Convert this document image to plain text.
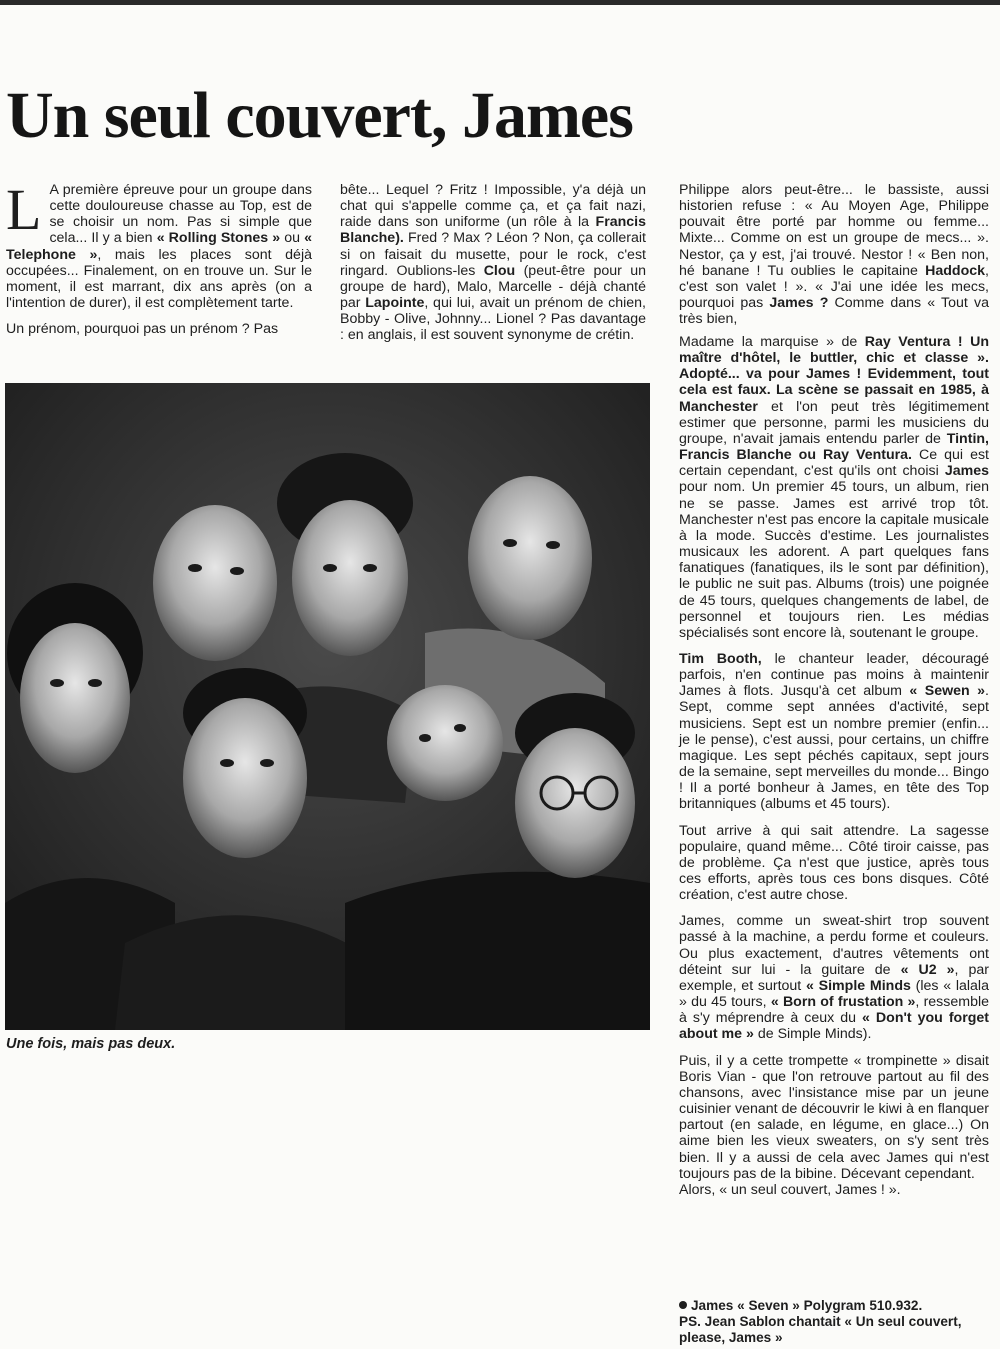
Un seul couvert, James

L A première épreuve pour un groupe dans cette douloureuse chasse au Top, est de se choisir un nom. Pas si simple que cela... Il y a bien « Rolling Stones » ou « Telephone », mais les places sont déjà occupées... Finalement, on en trouve un. Sur le moment, il est marrant, dix ans après (on a l'intention de durer), il est complètement tarte.

Un prénom, pourquoi pas un prénom ? Pas

bête... Lequel ? Fritz ! Impossible, y'a déjà un chat qui s'appelle comme ça, et ça fait nazi, raide dans son uniforme (un rôle à la Francis Blanche). Fred ? Max ? Léon ? Non, ça collerait si on faisait du musette, pour le rock, c'est ringard. Oublions-les Clou (peut-être pour un groupe de hard), Malo, Marcelle - déjà chanté par Lapointe, qui lui, avait un prénom de chien, Bobby - Olive, Johnny... Lionel ? Pas davantage : en anglais, il est souvent synonyme de crétin.

Philippe alors peut-être... le bassiste, aussi historien refuse : « Au Moyen Age, Philippe pouvait être porté par homme ou femme... Mixte... Comme on est un groupe de mecs... ». Nestor, ça y est, j'ai trouvé. Nestor ! « Ben non, hé banane ! Tu oublies le capitaine Haddock, c'est son valet ! ». « J'ai une idée les mecs, pourquoi pas James ? Comme dans « Tout va très bien,

Madame la marquise » de Ray Ventura ! Un maître d'hôtel, le buttler, chic et classe ». Adopté... va pour James ! Evidemment, tout cela est faux. La scène se passait en 1985, à Manchester et l'on peut très légitimement estimer que personne, parmi les musiciens du groupe, n'avait jamais entendu parler de Tintin, Francis Blanche ou Ray Ventura. Ce qui est certain cependant, c'est qu'ils ont choisi James pour nom. Un premier 45 tours, un album, rien ne se passe. James est arrivé trop tôt. Manchester n'est pas encore la capitale musicale à la mode. Succès d'estime. Les journalistes musicaux les adorent. A part quelques fans fanatiques (fanatiques, ils le sont par définition), le public ne suit pas. Albums (trois) une poignée de 45 tours, quelques changements de label, de personnel et toujours rien. Les médias spécialisés sont encore là, soutenant le groupe.

Tim Booth, le chanteur leader, découragé parfois, n'en continue pas moins à maintenir James à flots. Jusqu'à cet album « Sewen ». Sept, comme sept années d'activité, sept musiciens. Sept est un nombre premier (enfin... je le pense), c'est aussi, pour certains, un chiffre magique. Les sept péchés capitaux, sept jours de la semaine, sept merveilles du monde... Bingo ! Il a porté bonheur à James, en tête des Top britanniques (albums et 45 tours).

Tout arrive à qui sait attendre. La sagesse populaire, quand même... Côté tiroir caisse, pas de problème. Ça n'est que justice, après tous ces efforts, après tous ces bons disques. Côté création, c'est autre chose.

James, comme un sweat-shirt trop souvent passé à la machine, a perdu forme et couleurs. Ou plus exactement, d'autres vêtements ont déteint sur lui - la guitare de « U2 », par exemple, et surtout « Simple Minds (les « lalala » du 45 tours, « Born of frustation », ressemble à s'y méprendre à ceux du « Don't you forget about me » de Simple Minds).

Puis, il y a cette trompette « trompinette » disait Boris Vian - que l'on retrouve partout au fil des chansons, avec l'insistance mise par un jeune cuisinier venant de découvrir le kiwi à en flanquer partout (en salade, en légume, en glace...) On aime bien les vieux sweaters, on s'y sent très bien. Il y a aussi de cela avec James qui n'est toujours pas de la bibine. Décevant cependant.

Alors, « un seul couvert, James ! ».

Une fois, mais pas deux.

James « Seven » Polygram 510.932.

PS. Jean Sablon chantait « Un seul couvert, please, James »
